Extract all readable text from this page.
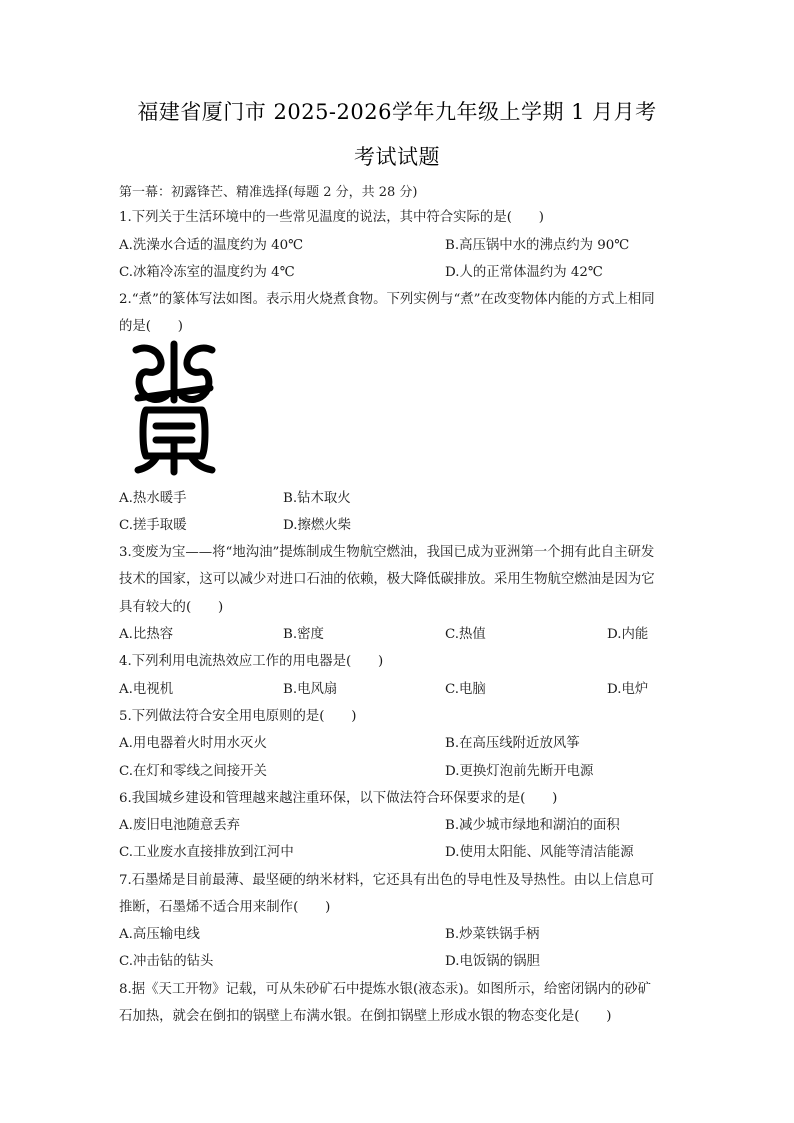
福建省厦门市 2025-2026学年九年级上学期 1 月月考
考试试题
第一幕：初露锋芒、精准选择(每题 2 分，共 28 分)
1.下列关于生活环境中的一些常见温度的说法，其中符合实际的是(　　)
A.洗澡水合适的温度约为 40℃	B.高压锅中水的沸点约为 90℃
C.冰箱冷冻室的温度约为 4℃	D.人的正常体温约为 42℃
2.“煮”的篆体写法如图。表示用火烧煮食物。下列实例与“煮”在改变物体内能的方式上相同
的是(　　)
A.热水暖手	B.钻木取火
C.搓手取暖	D.擦燃火柴
3.变废为宝——将“地沟油”提炼制成生物航空燃油，我国已成为亚洲第一个拥有此自主研发
技术的国家，这可以减少对进口石油的依赖，极大降低碳排放。采用生物航空燃油是因为它
具有较大的(　　)
A.比热容	B.密度	C.热值	D.内能
4.下列利用电流热效应工作的用电器是(　　)
A.电视机	B.电风扇	C.电脑	D.电炉
5.下列做法符合安全用电原则的是(　　)
A.用电器着火时用水灭火	B.在高压线附近放风筝
C.在灯和零线之间接开关	D.更换灯泡前先断开电源
6.我国城乡建设和管理越来越注重环保，以下做法符合环保要求的是(　　)
A.废旧电池随意丢弃	B.减少城市绿地和湖泊的面积
C.工业废水直接排放到江河中	D.使用太阳能、风能等清洁能源
7.石墨烯是目前最薄、最坚硬的纳米材料，它还具有出色的导电性及导热性。由以上信息可
推断，石墨烯不适合用来制作(　　)
A.高压输电线	B.炒菜铁锅手柄
C.冲击钻的钻头	D.电饭锅的锅胆
8.据《天工开物》记载，可从朱砂矿石中提炼水银(液态汞)。如图所示，给密闭锅内的砂矿
石加热，就会在倒扣的锅壁上布满水银。在倒扣锅壁上形成水银的物态变化是(　　)
